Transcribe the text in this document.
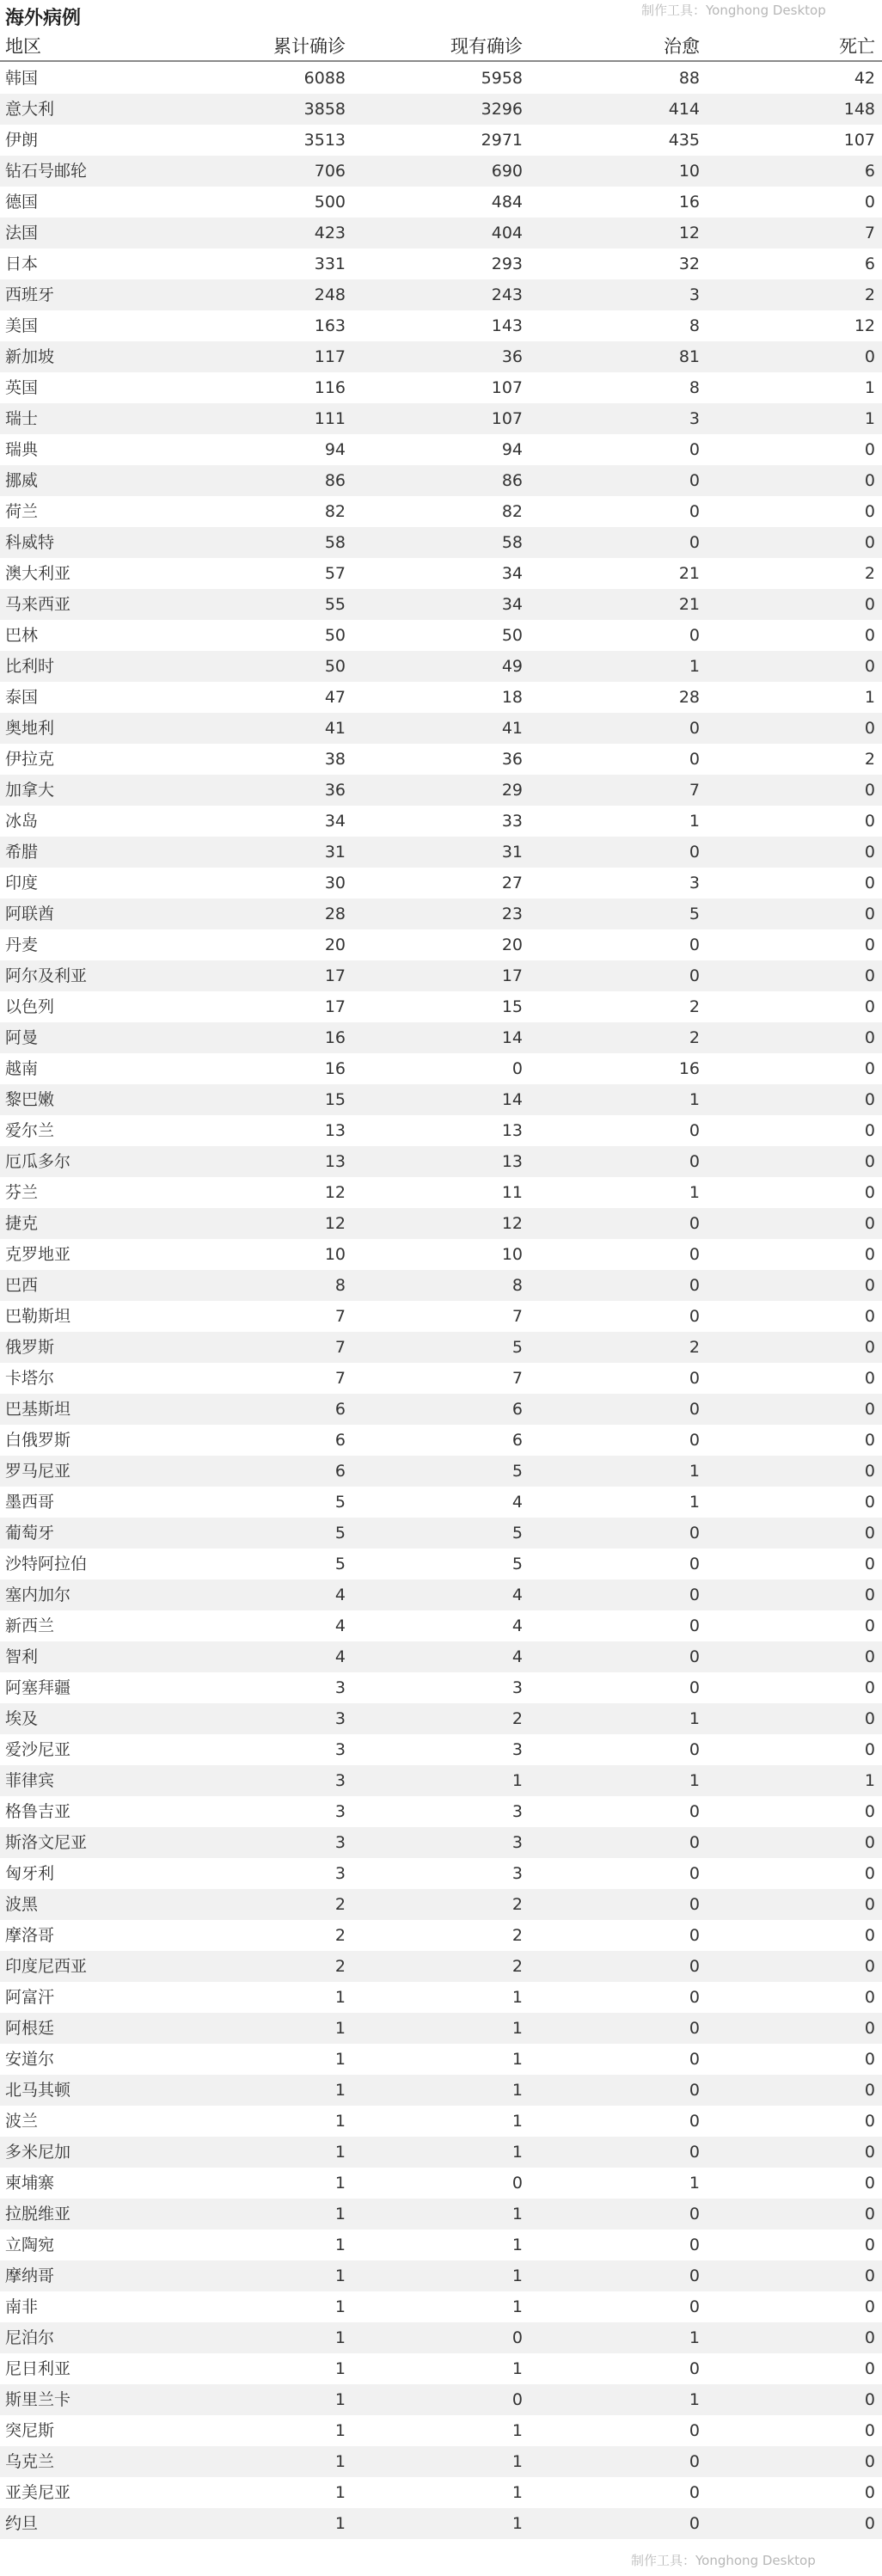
海外病例	制作工具：Yonghong Desktop
地区	累计确诊	现有确诊	治愈	死亡
韩国	6088	5958	88	42
意大利	3858	3296	414	148
伊朗	3513	2971	435	107
钻石号邮轮	706	690	10	6
德国	500	484	16	0
法国	423	404	12	7
日本	331	293	32	6
西班牙	248	243	3	2
美国	163	143	8	12
新加坡	117	36	81	0
英国	116	107	8	1
瑞士	111	107	3	1
瑞典	94	94	0	0
挪威	86	86	0	0
荷兰	82	82	0	0
科威特	58	58	0	0
澳大利亚	57	34	21	2
马来西亚	55	34	21	0
巴林	50	50	0	0
比利时	50	49	1	0
泰国	47	18	28	1
奥地利	41	41	0	0
伊拉克	38	36	0	2
加拿大	36	29	7	0
冰岛	34	33	1	0
希腊	31	31	0	0
印度	30	27	3	0
阿联酋	28	23	5	0
丹麦	20	20	0	0
阿尔及利亚	17	17	0	0
以色列	17	15	2	0
阿曼	16	14	2	0
越南	16	0	16	0
黎巴嫩	15	14	1	0
爱尔兰	13	13	0	0
厄瓜多尔	13	13	0	0
芬兰	12	11	1	0
捷克	12	12	0	0
克罗地亚	10	10	0	0
巴西	8	8	0	0
巴勒斯坦	7	7	0	0
俄罗斯	7	5	2	0
卡塔尔	7	7	0	0
巴基斯坦	6	6	0	0
白俄罗斯	6	6	0	0
罗马尼亚	6	5	1	0
墨西哥	5	4	1	0
葡萄牙	5	5	0	0
沙特阿拉伯	5	5	0	0
塞内加尔	4	4	0	0
新西兰	4	4	0	0
智利	4	4	0	0
阿塞拜疆	3	3	0	0
埃及	3	2	1	0
爱沙尼亚	3	3	0	0
菲律宾	3	1	1	1
格鲁吉亚	3	3	0	0
斯洛文尼亚	3	3	0	0
匈牙利	3	3	0	0
波黑	2	2	0	0
摩洛哥	2	2	0	0
印度尼西亚	2	2	0	0
阿富汗	1	1	0	0
阿根廷	1	1	0	0
安道尔	1	1	0	0
北马其顿	1	1	0	0
波兰	1	1	0	0
多米尼加	1	1	0	0
柬埔寨	1	0	1	0
拉脱维亚	1	1	0	0
立陶宛	1	1	0	0
摩纳哥	1	1	0	0
南非	1	1	0	0
尼泊尔	1	0	1	0
尼日利亚	1	1	0	0
斯里兰卡	1	0	1	0
突尼斯	1	1	0	0
乌克兰	1	1	0	0
亚美尼亚	1	1	0	0
约旦	1	1	0	0
制作工具：Yonghong Desktop
